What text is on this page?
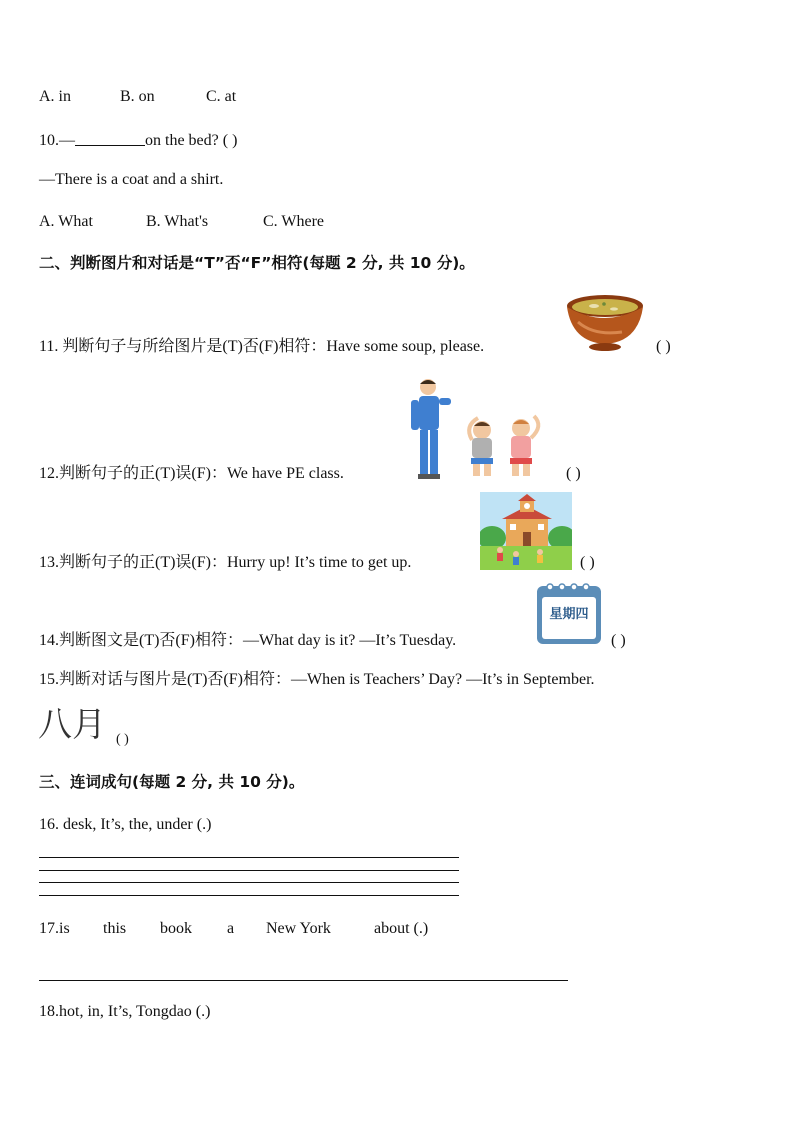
A. in	B. on	C. at
10.—	on the bed? ( )
—There is a coat and a shirt.
A. What	B. What's	C. Where
二、判断图片和对话是“T”否“F”相符(每题 2 分, 共 10 分)。
11. 判断句子与所给图片是(T)否(F)相符：Have some soup, please.	( )
12.判断句子的正(T)误(F)：We have PE class.	( )
13.判断句子的正(T)误(F)：Hurry up! It’s time to get up.	( )
14.判断图文是(T)否(F)相符：—What day is it? —It’s Tuesday.
星期四
( )
15.判断对话与图片是(T)否(F)相符：—When is Teachers’ Day? —It’s in September.
八月 ( )
三、连词成句(每题 2 分, 共 10 分)。
16. desk, It’s, the, under (.)
17.is this book a New York	about (.)
18.hot, in, It’s, Tongdao (.)
